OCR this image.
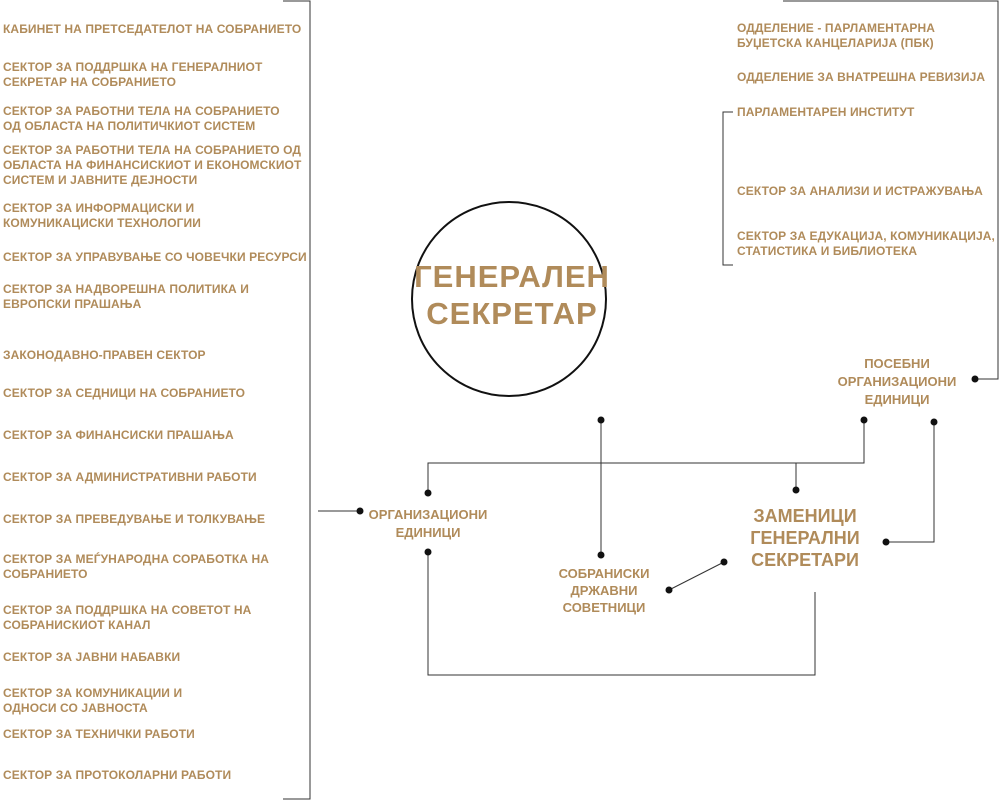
КАБИНЕТ НА ПРЕТСЕДАТЕЛОТ НА СОБРАНИЕТО
СЕКТОР ЗА ПОДДРШКА НА ГЕНЕРАЛНИОТ СЕКРЕТАР НА СОБРАНИЕТО
СЕКТОР ЗА РАБОТНИ ТЕЛА НА СОБРАНИЕТО ОД ОБЛАСТА НА ПОЛИТИЧКИОТ СИСТЕМ
СЕКТОР ЗА РАБОТНИ ТЕЛА НА СОБРАНИЕТО ОД ОБЛАСТА НА ФИНАНСИСКИОТ И ЕКОНОМСКИОТ СИСТЕМ И ЈАВНИТЕ ДЕЈНОСТИ
СЕКТОР ЗА ИНФОРМАЦИСКИ И КОМУНИКАЦИСКИ ТЕХНОЛОГИИ
СЕКТОР ЗА УПРАВУВАЊЕ СО ЧОВЕЧКИ РЕСУРСИ
СЕКТОР ЗА НАДВОРЕШНА ПОЛИТИКА И ЕВРОПСКИ ПРАШАЊА
ЗАКОНОДАВНО-ПРАВЕН СЕКТОР
СЕКТОР ЗА СЕДНИЦИ НА СОБРАНИЕТО
СЕКТОР ЗА ФИНАНСИСКИ ПРАШАЊА
СЕКТОР ЗА АДМИНИСТРАТИВНИ РАБОТИ
СЕКТОР ЗА ПРЕВЕДУВАЊЕ И ТОЛКУВАЊЕ
СЕКТОР ЗА МЕЃУНАРОДНА СОРАБОТКА НА СОБРАНИЕТО
СЕКТОР ЗА ПОДДРШКА НА СОВЕТОТ НА СОБРАНИСКИОТ КАНАЛ
СЕКТОР ЗА ЈАВНИ НАБАВКИ
СЕКТОР ЗА КОМУНИКАЦИИ И ОДНОСИ СО ЈАВНОСТА
СЕКТОР ЗА ТЕХНИЧКИ РАБОТИ
СЕКТОР ЗА ПРОТОКОЛАРНИ РАБОТИ
ОДДЕЛЕНИЕ - ПАРЛАМЕНТАРНА БУЏЕТСКА КАНЦЕЛАРИЈА (ПБК)
ОДДЕЛЕНИЕ ЗА ВНАТРЕШНА РЕВИЗИЈА
ПАРЛАМЕНТАРЕН ИНСТИТУТ
СЕКТОР ЗА АНАЛИЗИ И ИСТРАЖУВАЊА
СЕКТОР ЗА ЕДУКАЦИЈА, КОМУНИКАЦИЈА, СТАТИСТИКА И БИБЛИОТЕКА
ГЕНЕРАЛЕН
СЕКРЕТАР
ОРГАНИЗАЦИОНИ
ЕДИНИЦИ
СОБРАНИСКИ
ДРЖАВНИ
СОВЕТНИЦИ
ЗАМЕНИЦИ
ГЕНЕРАЛНИ
СЕКРЕТАРИ
ПОСЕБНИ
ОРГАНИЗАЦИОНИ
ЕДИНИЦИ
